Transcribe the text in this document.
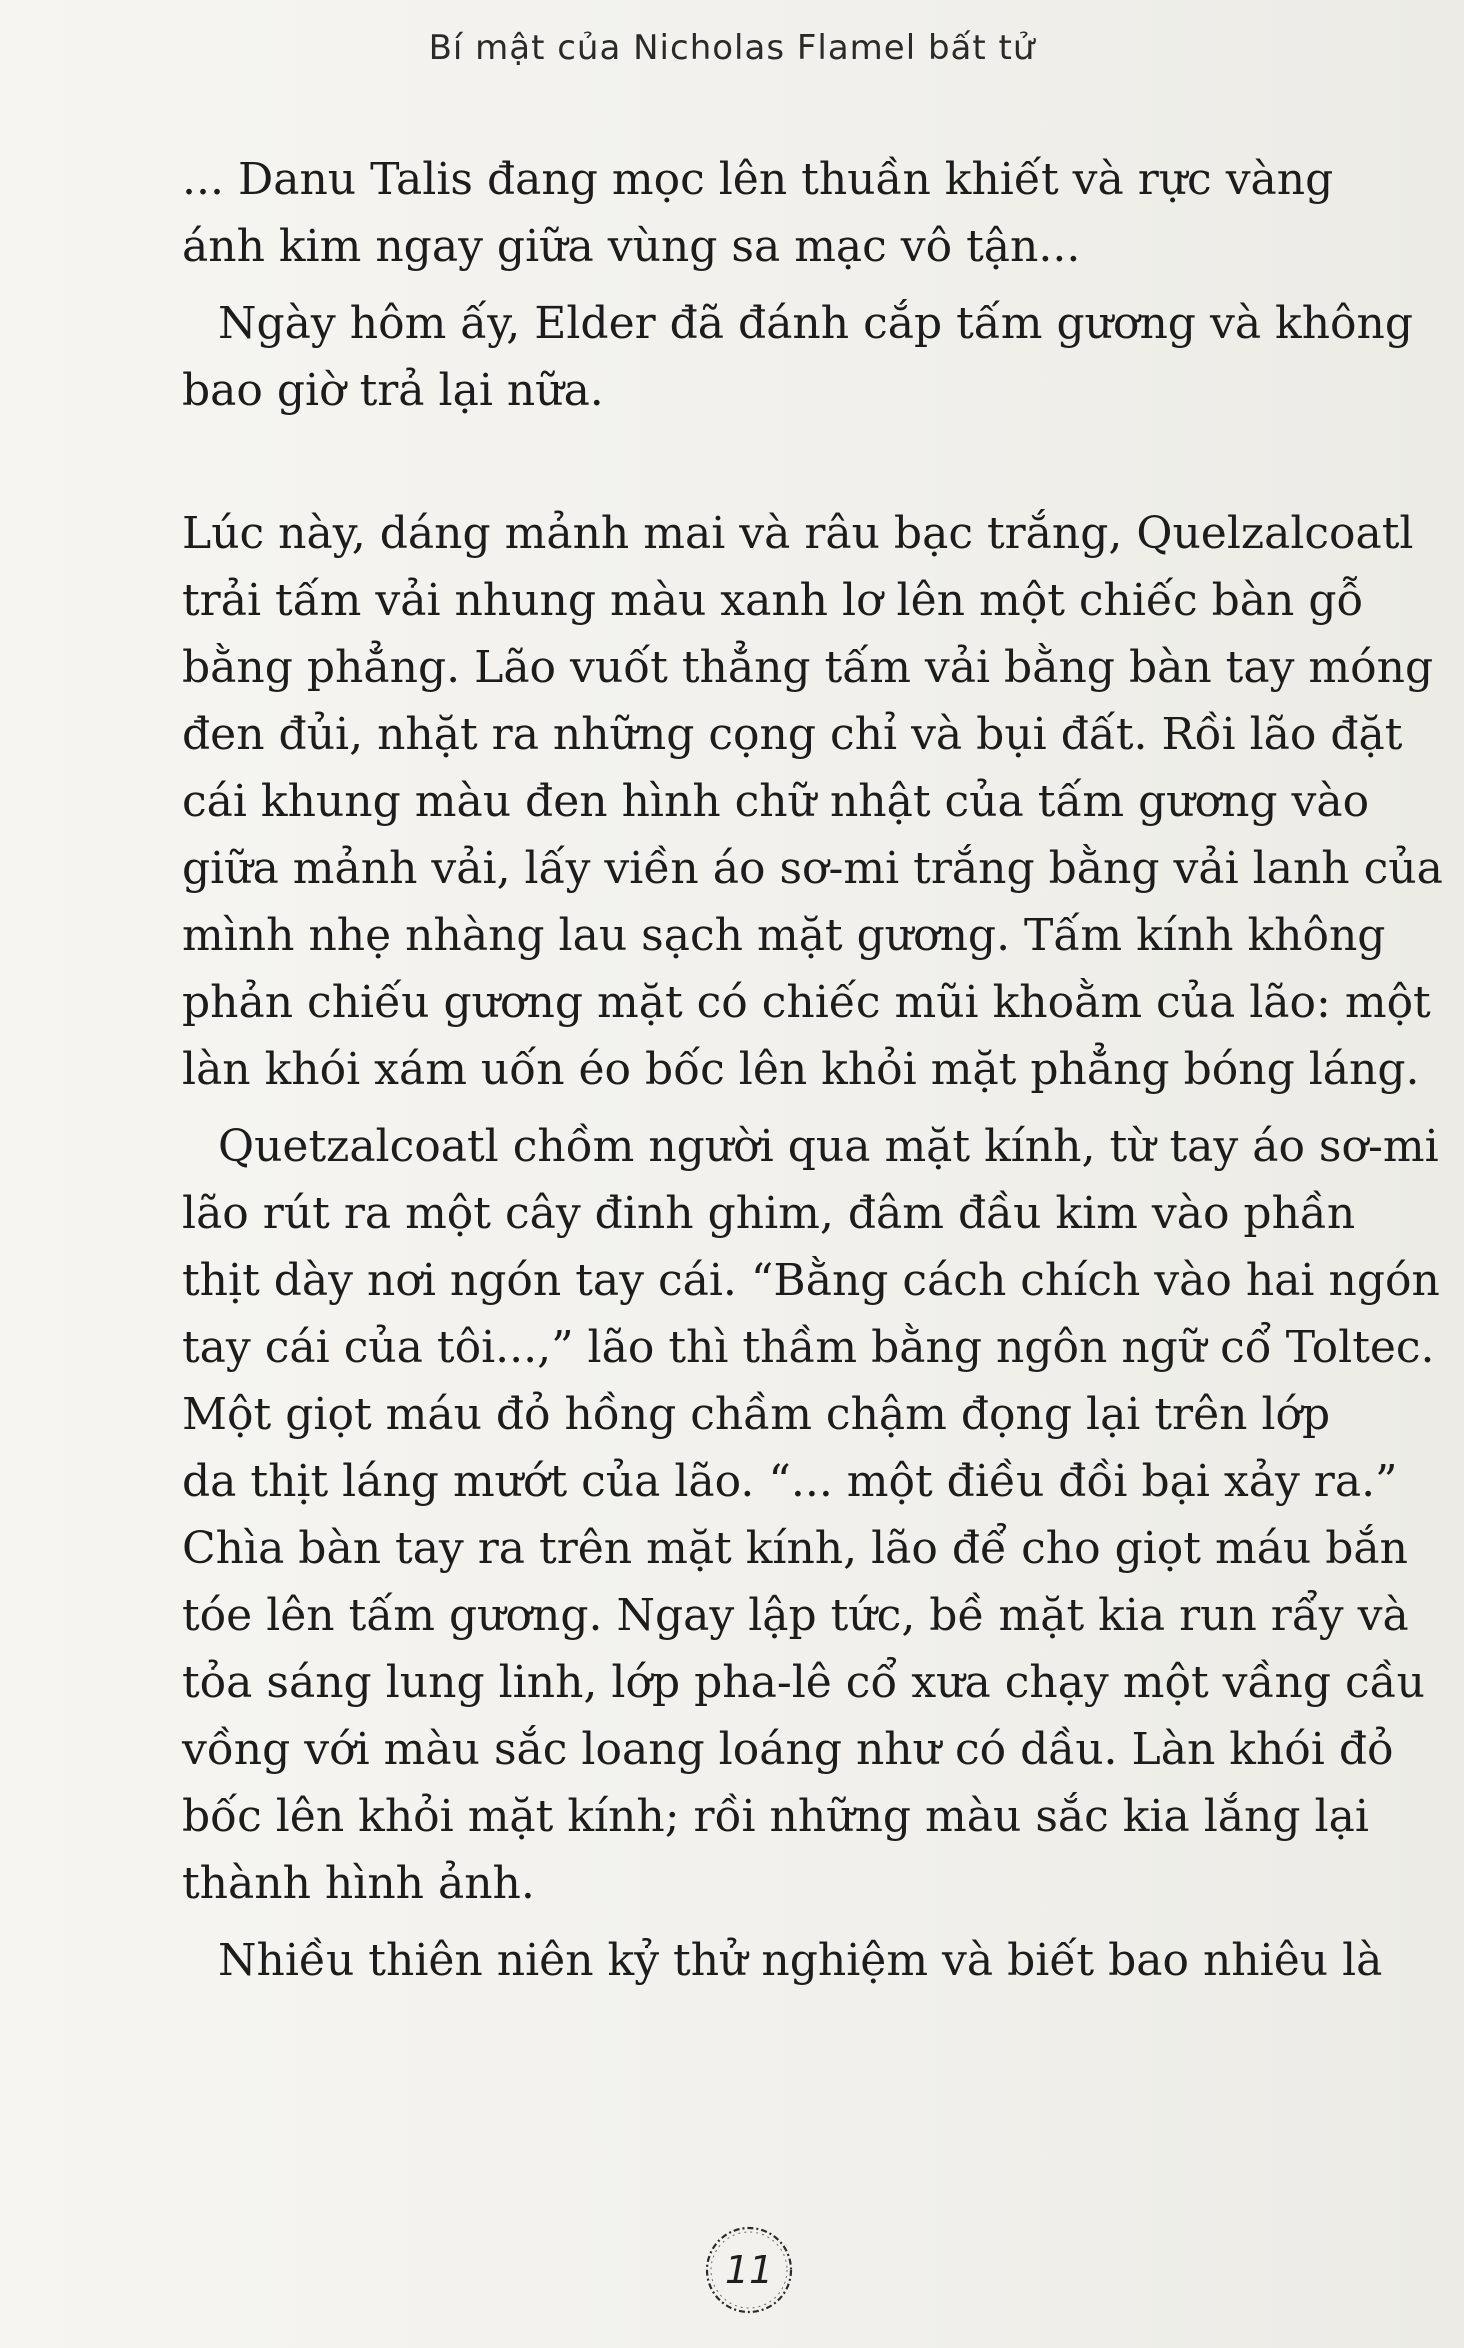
Bí mật của Nicholas Flamel bất tử

... Danu Talis đang mọc lên thuần khiết và rực vàng
ánh kim ngay giữa vùng sa mạc vô tận...

Ngày hôm ấy, Elder đã đánh cắp tấm gương và không
bao giờ trả lại nữa.

Lúc này, dáng mảnh mai và râu bạc trắng, Quelzalcoatl
trải tấm vải nhung màu xanh lơ lên một chiếc bàn gỗ
bằng phẳng. Lão vuốt thẳng tấm vải bằng bàn tay móng
đen đủi, nhặt ra những cọng chỉ và bụi đất. Rồi lão đặt
cái khung màu đen hình chữ nhật của tấm gương vào
giữa mảnh vải, lấy viền áo sơ-mi trắng bằng vải lanh của
mình nhẹ nhàng lau sạch mặt gương. Tấm kính không
phản chiếu gương mặt có chiếc mũi khoằm của lão: một
làn khói xám uốn éo bốc lên khỏi mặt phẳng bóng láng.

Quetzalcoatl chồm người qua mặt kính, từ tay áo sơ-mi
lão rút ra một cây đinh ghim, đâm đầu kim vào phần
thịt dày nơi ngón tay cái. “Bằng cách chích vào hai ngón
tay cái của tôi...,” lão thì thầm bằng ngôn ngữ cổ Toltec.
Một giọt máu đỏ hồng chầm chậm đọng lại trên lớp
da thịt láng mướt của lão. “... một điều đồi bại xảy ra.”
Chìa bàn tay ra trên mặt kính, lão để cho giọt máu bắn
tóe lên tấm gương. Ngay lập tức, bề mặt kia run rẩy và
tỏa sáng lung linh, lớp pha-lê cổ xưa chạy một vầng cầu
vồng với màu sắc loang loáng như có dầu. Làn khói đỏ
bốc lên khỏi mặt kính; rồi những màu sắc kia lắng lại
thành hình ảnh.

Nhiều thiên niên kỷ thử nghiệm và biết bao nhiêu là

11
